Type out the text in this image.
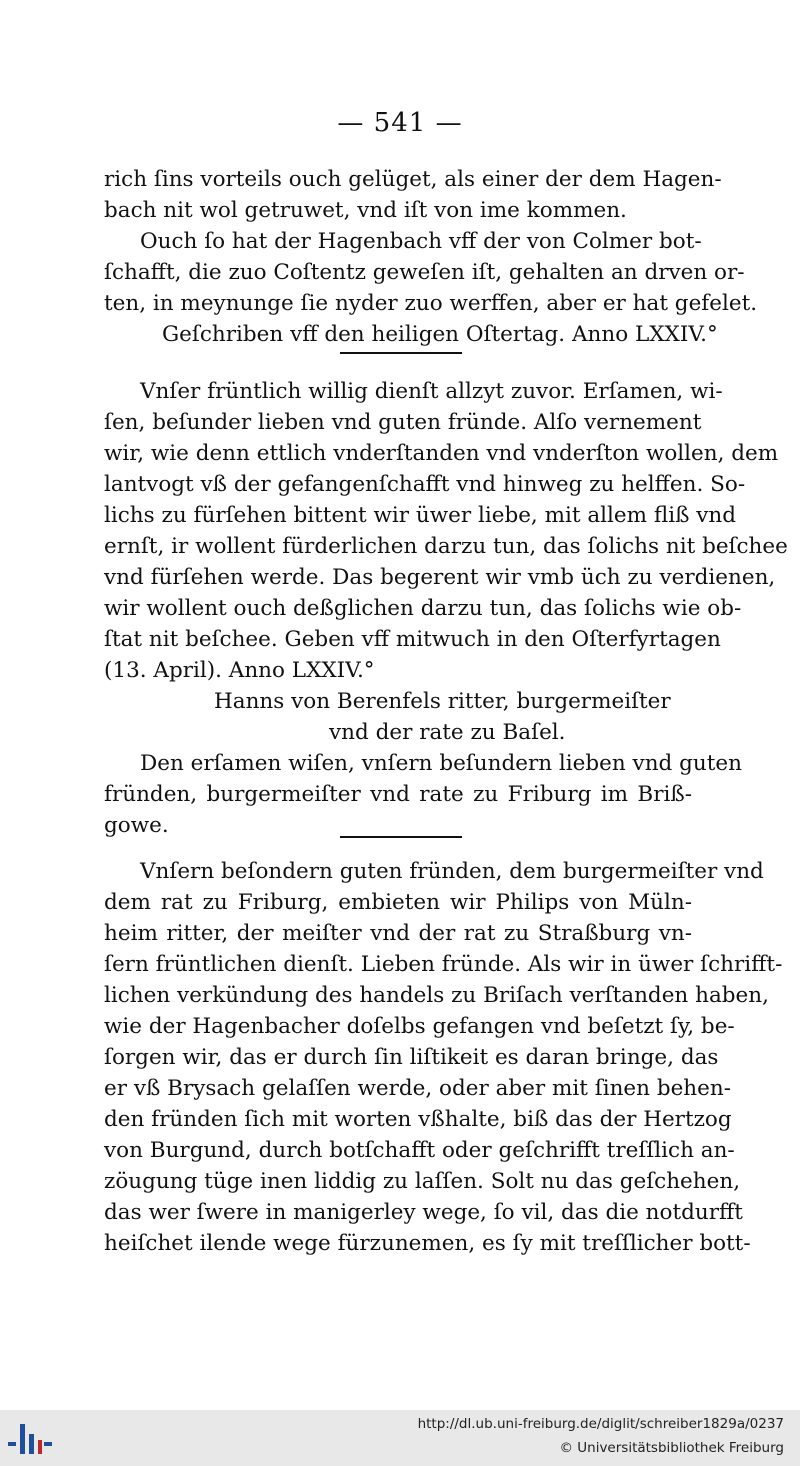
— 541 —
rich ſins vorteils ouch gelüget, als einer der dem Hagen-
bach nit wol getruwet, vnd iſt von ime kommen.
Ouch ſo hat der Hagenbach vff der von Colmer bot-
ſchafft, die zuo Coſtentz geweſen iſt, gehalten an drven or-
ten, in meynunge ſie nyder zuo werffen, aber er hat gefelet.
Geſchriben vff den heiligen Oſtertag. Anno LXXIV.°
Vnſer früntlich willig dienſt allzyt zuvor. Erſamen, wi-
ſen, beſunder lieben vnd guten fründe. Alſo vernement
wir, wie denn ettlich vnderſtanden vnd vnderſton wollen, dem
lantvogt vß der gefangenſchafft vnd hinweg zu helffen. So-
lichs zu fürſehen bittent wir üwer liebe, mit allem fliß vnd
ernſt, ir wollent fürderlichen darzu tun, das ſolichs nit beſchee
vnd fürſehen werde. Das begerent wir vmb üch zu verdienen,
wir wollent ouch deßglichen darzu tun, das ſolichs wie ob-
ſtat nit beſchee. Geben vff mitwuch in den Oſterfyrtagen
(13. April). Anno LXXIV.°
Hanns von Berenfels ritter, burgermeiſter
vnd der rate zu Baſel.
Den erſamen wiſen, vnſern beſundern lieben vnd guten
fründen, burgermeiſter vnd rate zu Friburg im Briß-
gowe.
Vnſern beſondern guten fründen, dem burgermeiſter vnd
dem rat zu Friburg, embieten wir Philips von Müln-
heim ritter, der meiſter vnd der rat zu Straßburg vn-
ſern früntlichen dienſt. Lieben fründe. Als wir in üwer ſchrifft-
lichen verkündung des handels zu Briſach verſtanden haben,
wie der Hagenbacher doſelbs gefangen vnd beſetzt ſy, be-
ſorgen wir, das er durch ſin liſtikeit es daran bringe, das
er vß Brysach gelaſſen werde, oder aber mit ſinen behen-
den fründen ſich mit worten vßhalte, biß das der Hertzog
von Burgund, durch botſchafft oder geſchrifft treſſlich an-
zöugung tüge inen liddig zu laſſen. Solt nu das geſchehen,
das wer ſwere in manigerley wege, ſo vil, das die notdurfft
heiſchet ilende wege fürzunemen, es ſy mit treſſlicher bott-
http://dl.ub.uni-freiburg.de/diglit/schreiber1829a/0237
© Universitätsbibliothek Freiburg
